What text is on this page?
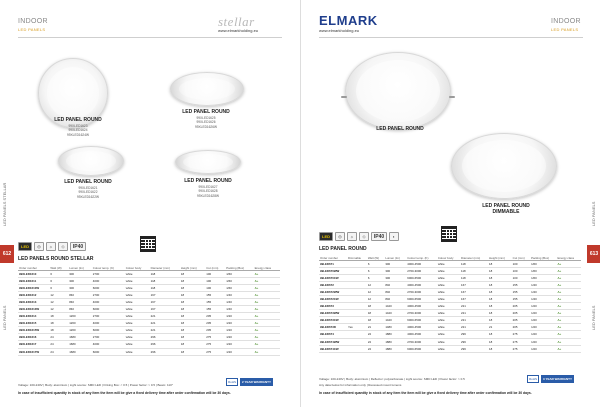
INDOOR
LED PANELS
stellar
www.elmarkholding.eu
LED PANEL ROUND
99XLED1623
99XLED1624
99XLED1624W
LED PANEL ROUND
99XLED1625
99XLED1626
99XLED1626W
LED PANEL ROUND
99XLED1621
99XLED1622
99XLED1622W
LED PANEL ROUND
99XLED1627
99XLED1628
99XLED1628W
LED	◎	☼	◇	IP40
LED PANELS ROUND STELLAR
Order number	Watt (W)	Lumen (lm)	Colour temp. (K)	Colour body	Diameter (mm)	Height (mm)	Cut (mm)	Packing (Box)	Energy class
99XLED1610	6	300	2700	white	118	18	100	1/60	A+
99XLED1611	6	300	4000	white	118	18	100	1/60	A+
99XLED1610W	6	300	6000	white	118	18	100	1/60	A+
99XLED1612	12	840	2700	white	167	18	155	1/40	A+
99XLED1613	12	840	4000	white	167	18	155	1/40	A+
99XLED1613W	12	840	6000	white	167	18	155	1/40	A+
99XLED1614	18	1260	2700	white	221	18	205	1/20	A+
99XLED1615	18	1260	4000	white	221	18	205	1/20	A+
99XLED1615W	18	1260	6000	white	221	18	205	1/20	A+
99XLED1616	24	1680	2700	white	296	18	275	1/20	A+
99XLED1617	24	1680	4000	white	296	18	275	1/20	A+
99XLED1617W	24	1680	6000	white	296	18	275	1/20	A+
Voltage: 100-240V | Body: aluminium | Light source: SMD LED | Driving Box: < 0.5 | Power factor: > 0.5 | Beam: 110°
RoHS	2 YEAR WARRANTY
In case of insufficient quantity in stock of any item the item will be give a fixed delivery time after order confirmation will be 30 days.
612
LED PANELS STELLAR
LED PANELS
ELMARK
www.elmarkholding.eu
INDOOR
LED PANELS
LED PANEL ROUND
LED PANEL ROUND DIMMABLE
LED	◎	☼	◇	IP40	◐
LED PANEL ROUND
Order number	Dimmable	Watt (W)	Lumen (lm)	Colour temp. (K)	Colour body	Diameter (mm)	Height (mm)	Cut (mm)	Packing (Box)	Energy class
99LED671		6	300	4000-4500	white	118	18	100	1/60	A+
99LED670WW		6	300	2700-3000	white	118	18	100	1/60	A+
99LED670CW		6	300	6000-6500	white	118	18	100	1/60	A+
99LED672		12	840	4000-4500	white	167	18	155	1/40	A+
99LED672WW		12	840	2700-3000	white	167	18	155	1/40	A+
99LED672CW		12	840	6000-6500	white	167	18	155	1/40	A+
99LED673		18	1420	4000-4500	white	221	18	205	1/20	A+
99LED673WW		18	1420	2700-3000	white	221	18	205	1/20	A+
99LED673CW		18	1420	6000-6500	white	221	18	205	1/20	A+
99LED673D	Yes	21	1480	4000-4500	white	221	21	205	1/20	A+
99LED674		24	1880	4000-4500	white	296	18	275	1/20	A+
99LED674WW		24	1880	2700-3000	white	296	18	275	1/20	A+
99LED674CW		24	1880	6000-6500	white	296	18	275	1/20	A+
Voltage: 100-240V | Body: aluminium | Reflector: polycarbonate | Light source: SMD LED | Power factor: > 0.5
Any data below for information only | Recessed mount lumens
RoHS	3 YEAR WARRANTY
In case of insufficient quantity in stock of any item the item will be give a fixed delivery time after order confirmation will be 30 days.
613
LED PANELS
LED PANELS
